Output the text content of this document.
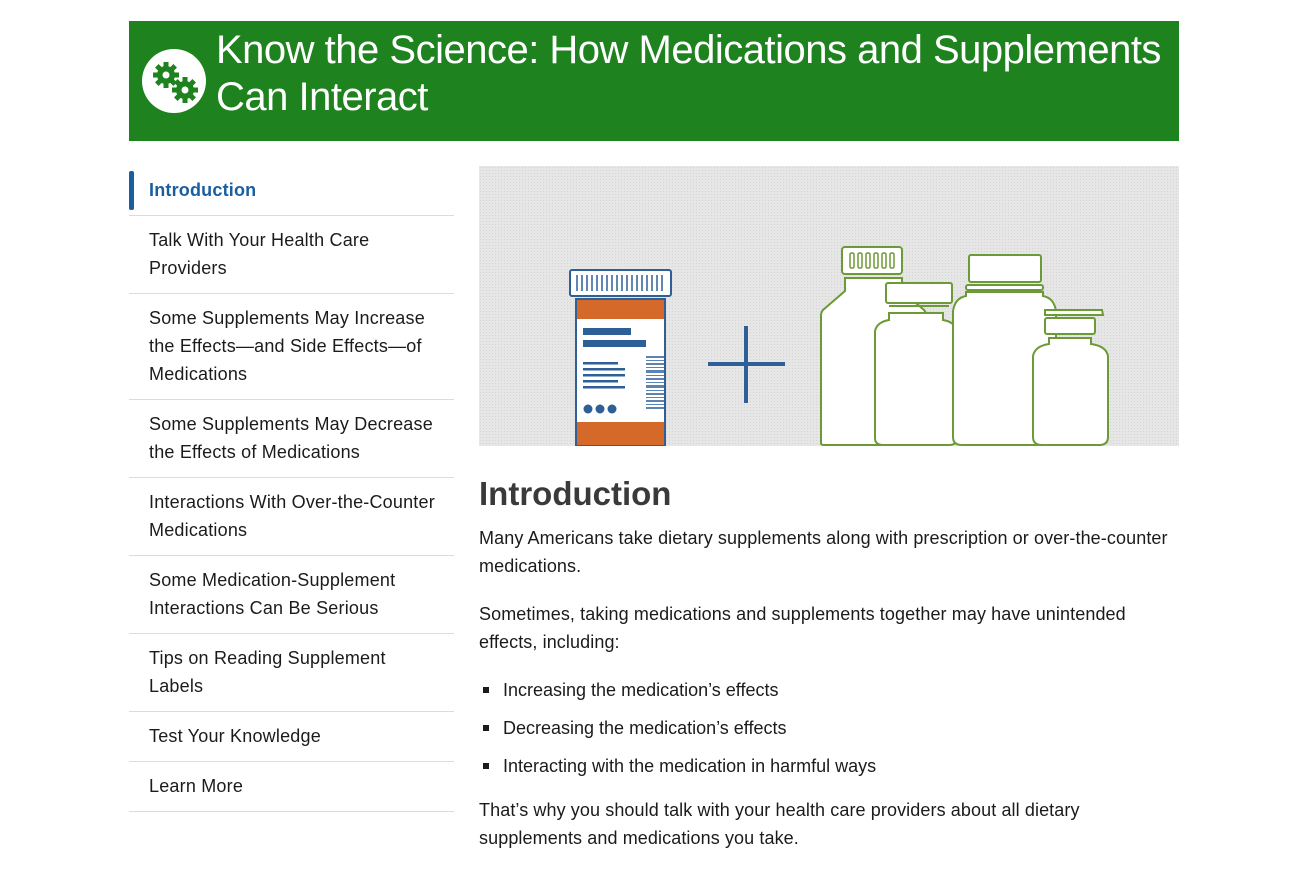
Know the Science: How Medications and Supplements Can Interact
Introduction
Talk With Your Health Care Providers
Some Supplements May Increase the Effects—and Side Effects—of Medications
Some Supplements May Decrease the Effects of Medications
Interactions With Over-the-Counter Medications
Some Medication-Supplement Interactions Can Be Serious
Tips on Reading Supplement Labels
Test Your Knowledge
Learn More
Introduction

Many Americans take dietary supplements along with prescription or over-the-counter medications.

Sometimes, taking medications and supplements together may have unintended effects, including:

Increasing the medication’s effects
Decreasing the medication’s effects
Interacting with the medication in harmful ways

That’s why you should talk with your health care providers about all dietary supplements and medications you take.
